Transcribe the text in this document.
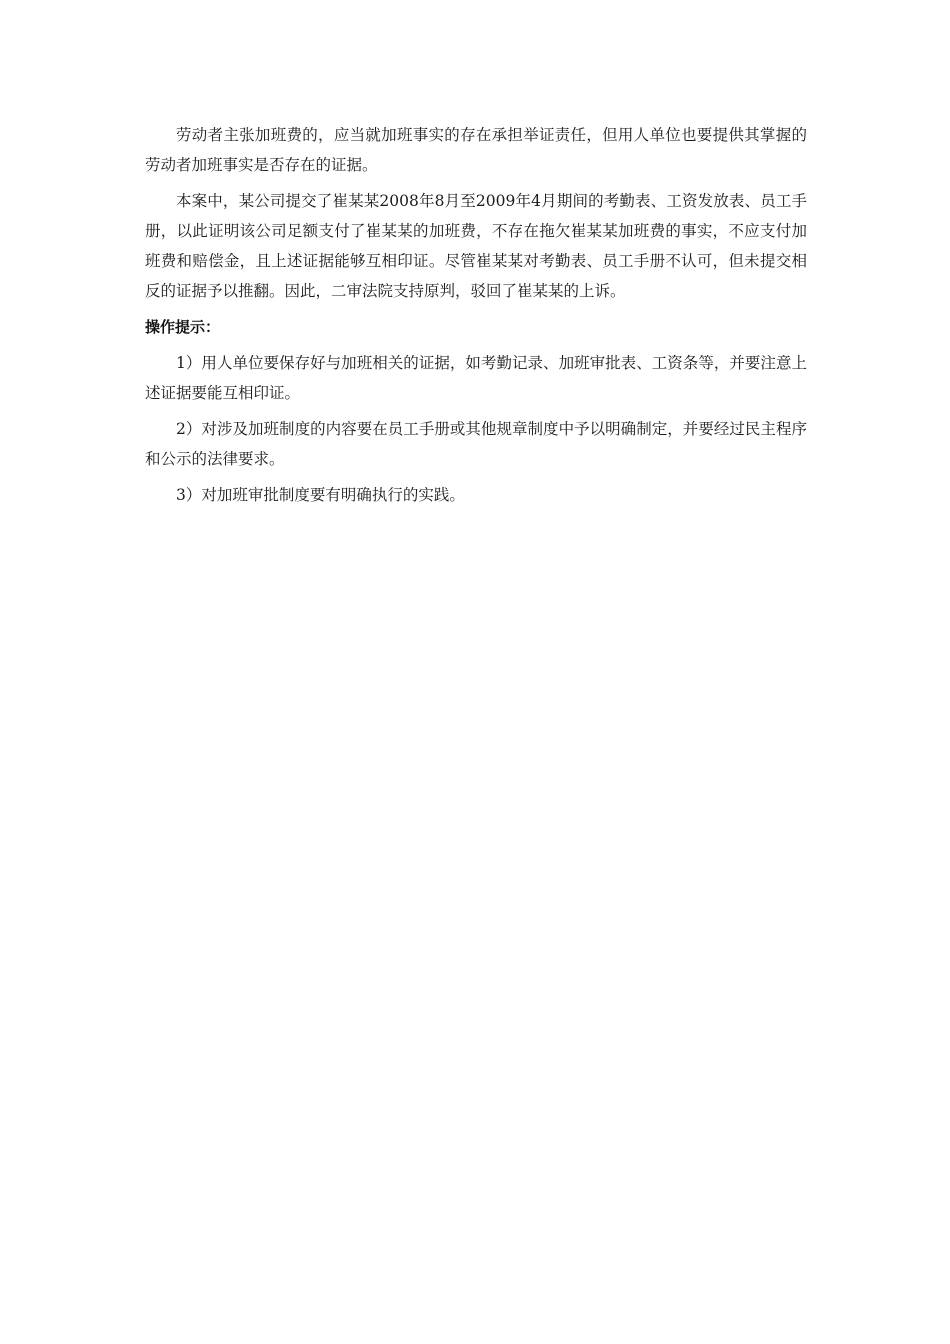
劳动者主张加班费的，应当就加班事实的存在承担举证责任，但用人单位也要提供其掌握的劳动者加班事实是否存在的证据。

本案中，某公司提交了崔某某2008年8月至2009年4月期间的考勤表、工资发放表、员工手册，以此证明该公司足额支付了崔某某的加班费，不存在拖欠崔某某加班费的事实，不应支付加班费和赔偿金，且上述证据能够互相印证。尽管崔某某对考勤表、员工手册不认可，但未提交相反的证据予以推翻。因此，二审法院支持原判，驳回了崔某某的上诉。

操作提示：

1）用人单位要保存好与加班相关的证据，如考勤记录、加班审批表、工资条等，并要注意上述证据要能互相印证。

2）对涉及加班制度的内容要在员工手册或其他规章制度中予以明确制定，并要经过民主程序和公示的法律要求。

3）对加班审批制度要有明确执行的实践。
